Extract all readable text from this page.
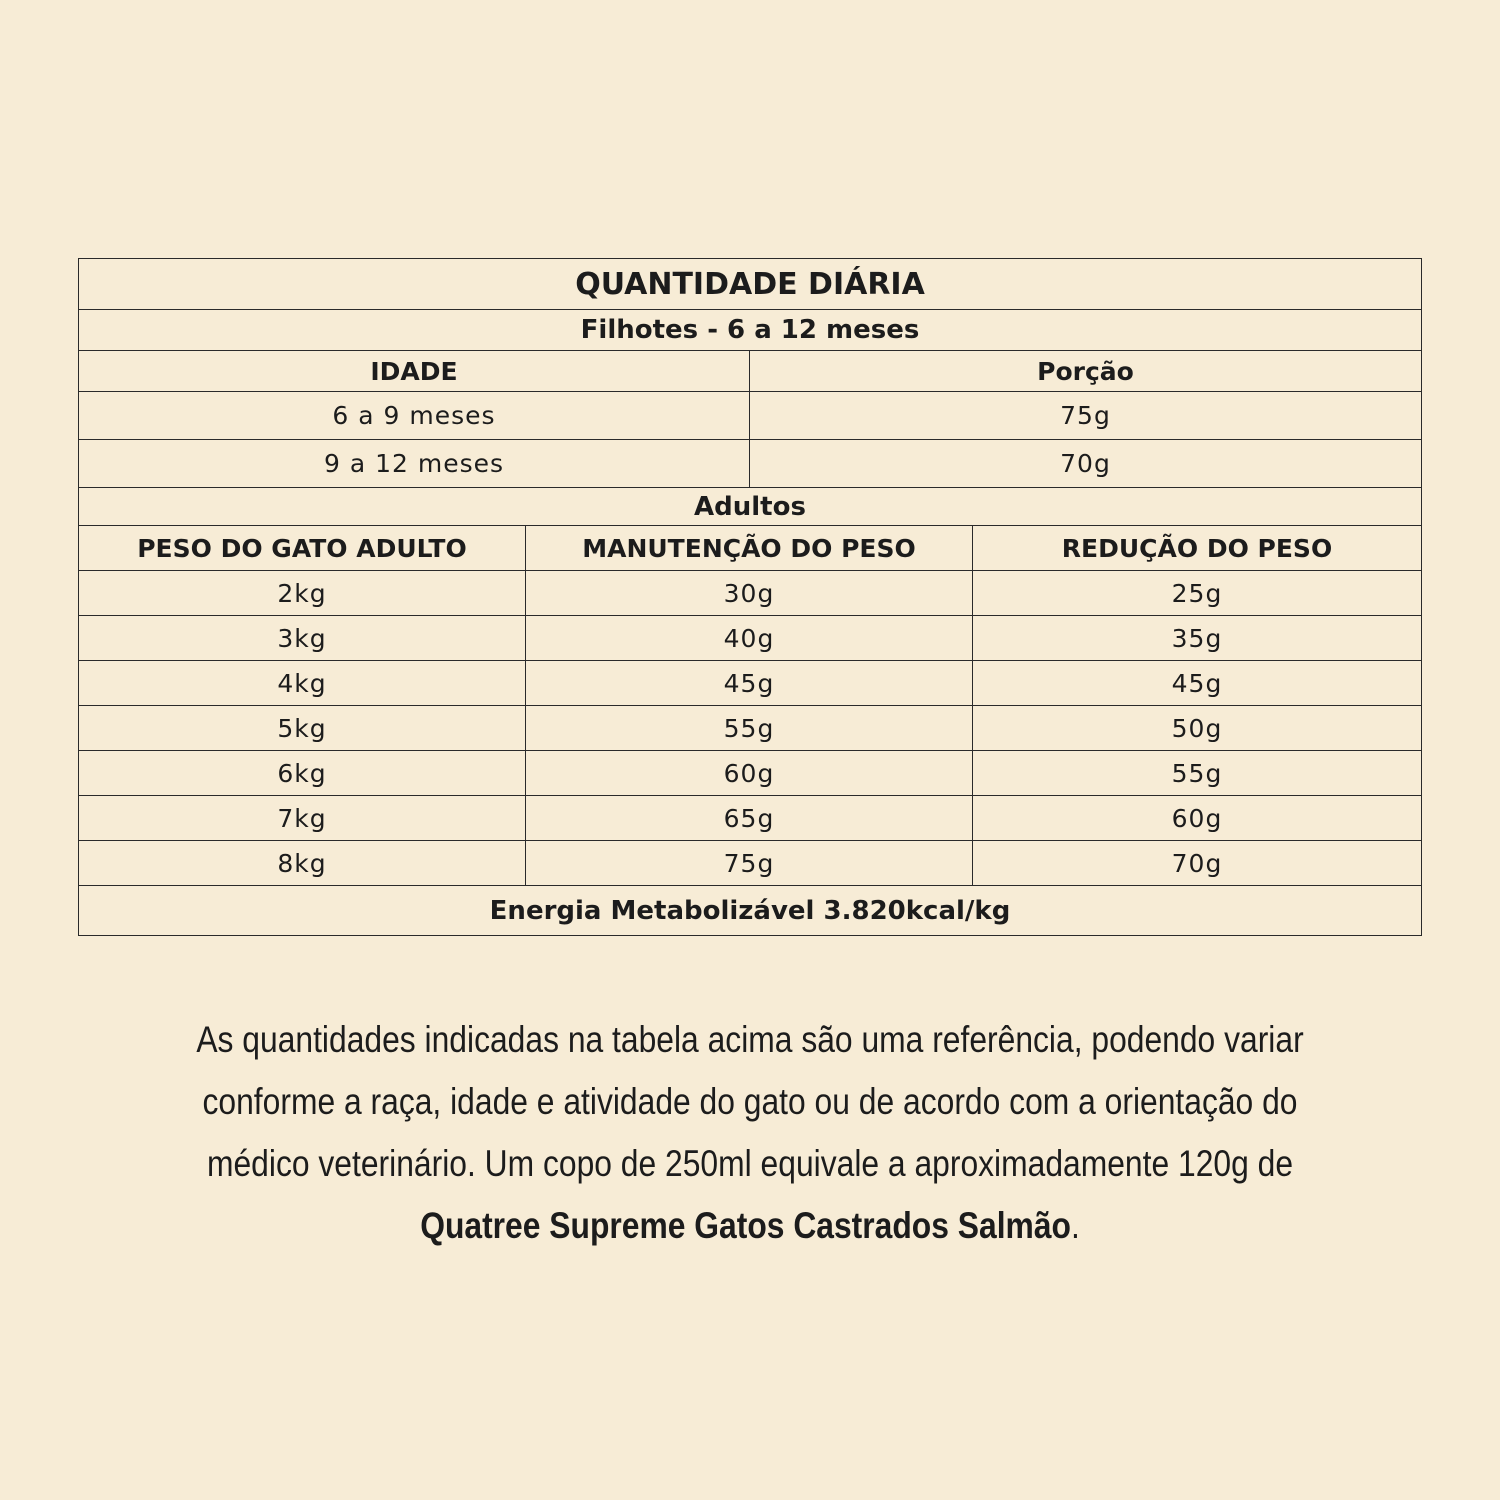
QUANTIDADE DIÁRIA			
Filhotes - 6 a 12 meses			
IDADE		Porção	
6 a 9 meses		75g	
9 a 12 meses		70g	
Adultos			
PESO DO GATO ADULTO	MANUTENÇÃO DO PESO		REDUÇÃO DO PESO
2kg	30g		25g
3kg	40g		35g
4kg	45g		45g
5kg	55g		50g
6kg	60g		55g
7kg	65g		60g
8kg	75g		70g
Energia Metabolizável 3.820kcal/kg			

As quantidades indicadas na tabela acima são uma referência, podendo variar conforme a raça, idade e atividade do gato ou de acordo com a orientação do médico veterinário. Um copo de 250ml equivale a aproximadamente 120g de Quatree Supreme Gatos Castrados Salmão.
